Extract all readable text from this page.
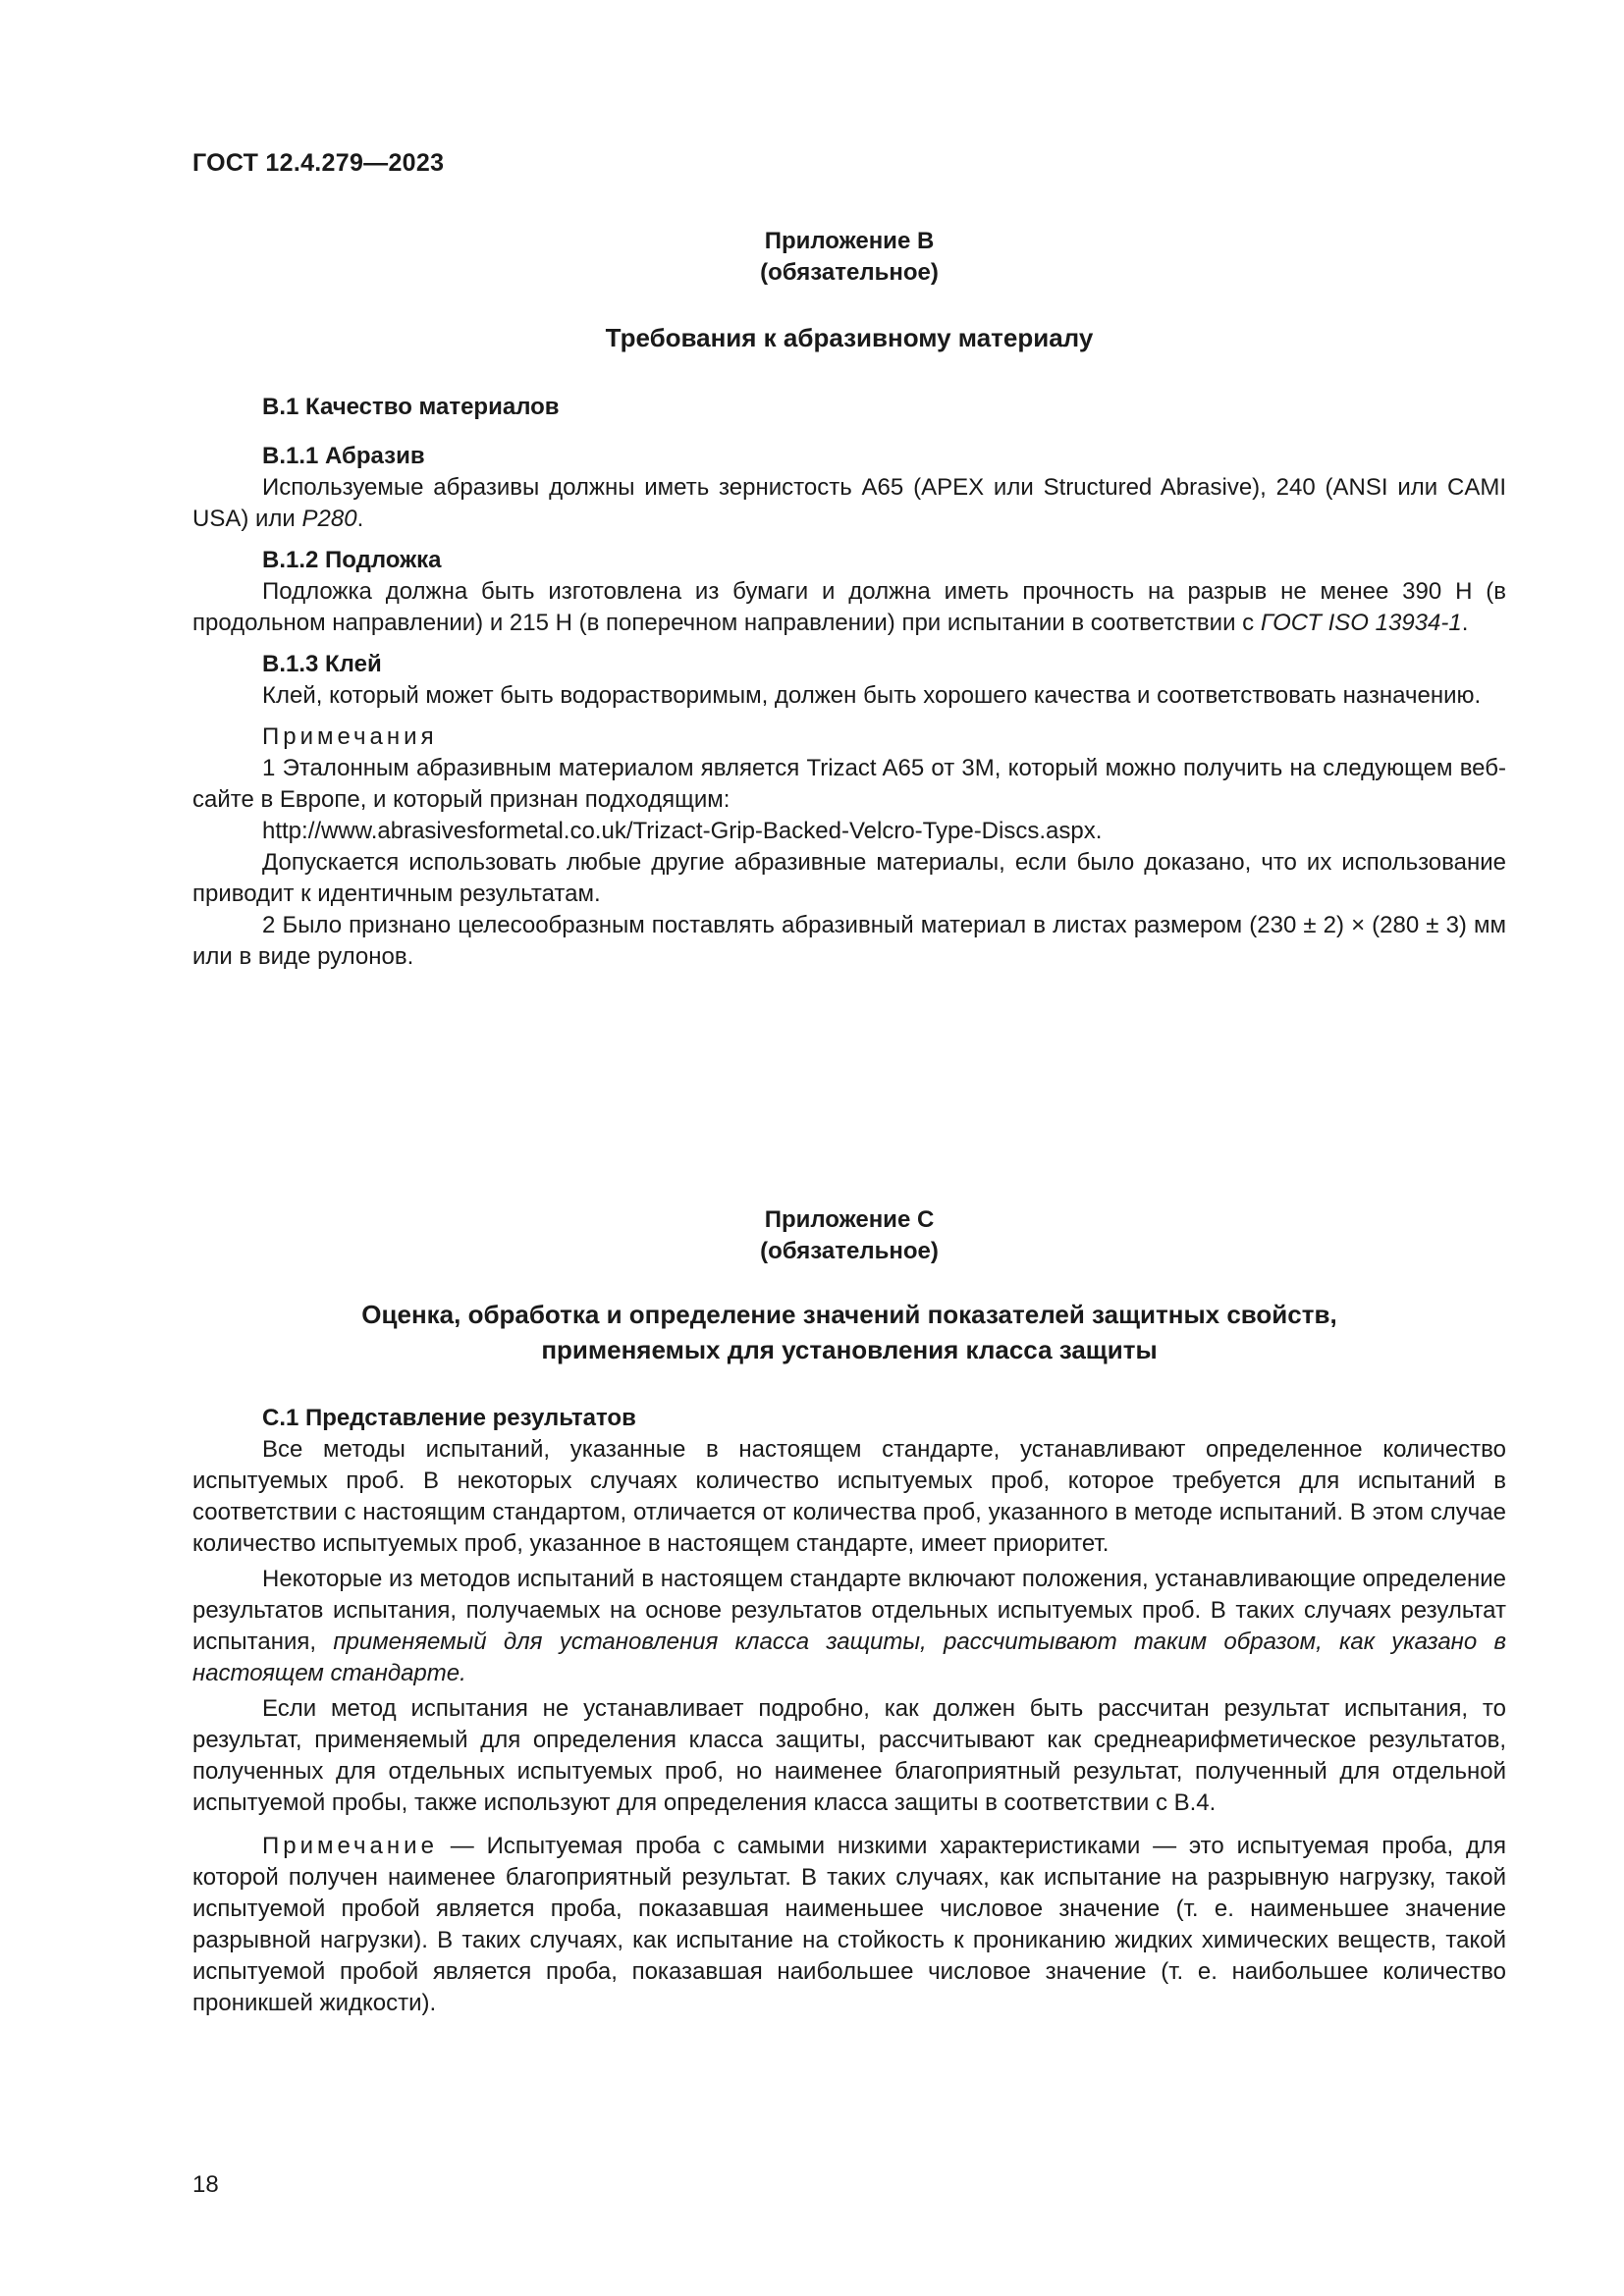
ГОСТ 12.4.279—2023
Приложение В
(обязательное)
Требования к абразивному материалу
В.1 Качество материалов
В.1.1 Абразив
Используемые абразивы должны иметь зернистость А65 (APEX или Structured Abrasive), 240 (ANSI или CAMI USA) или P280.
В.1.2 Подложка
Подложка должна быть изготовлена из бумаги и должна иметь прочность на разрыв не менее 390 Н (в продольном направлении) и 215 Н (в поперечном направлении) при испытании в соответствии с ГОСТ ISO 13934-1.
В.1.3 Клей
Клей, который может быть водорастворимым, должен быть хорошего качества и соответствовать назначению.
Примечания
1 Эталонным абразивным материалом является Trizact A65 от 3M, который можно получить на следующем веб-сайте в Европе, и который признан подходящим:
http://www.abrasivesformetal.co.uk/Trizact-Grip-Backed-Velcro-Type-Discs.aspx.
Допускается использовать любые другие абразивные материалы, если было доказано, что их использование приводит к идентичным результатам.
2 Было признано целесообразным поставлять абразивный материал в листах размером (230 ± 2) × (280 ± 3) мм или в виде рулонов.
Приложение С
(обязательное)
Оценка, обработка и определение значений показателей защитных свойств,
применяемых для установления класса защиты
С.1 Представление результатов
Все методы испытаний, указанные в настоящем стандарте, устанавливают определенное количество испытуемых проб. В некоторых случаях количество испытуемых проб, которое требуется для испытаний в соответствии с настоящим стандартом, отличается от количества проб, указанного в методе испытаний. В этом случае количество испытуемых проб, указанное в настоящем стандарте, имеет приоритет.
Некоторые из методов испытаний в настоящем стандарте включают положения, устанавливающие определение результатов испытания, получаемых на основе результатов отдельных испытуемых проб. В таких случаях результат испытания, применяемый для установления класса защиты, рассчитывают таким образом, как указано в настоящем стандарте.
Если метод испытания не устанавливает подробно, как должен быть рассчитан результат испытания, то результат, применяемый для определения класса защиты, рассчитывают как среднеарифметическое результатов, полученных для отдельных испытуемых проб, но наименее благоприятный результат, полученный для отдельной испытуемой пробы, также используют для определения класса защиты в соответствии с В.4.
Примечание — Испытуемая проба с самыми низкими характеристиками — это испытуемая проба, для которой получен наименее благоприятный результат. В таких случаях, как испытание на разрывную нагрузку, такой испытуемой пробой является проба, показавшая наименьшее числовое значение (т. е. наименьшее значение разрывной нагрузки). В таких случаях, как испытание на стойкость к прониканию жидких химических веществ, такой испытуемой пробой является проба, показавшая наибольшее числовое значение (т. е. наибольшее количество проникшей жидкости).
18
